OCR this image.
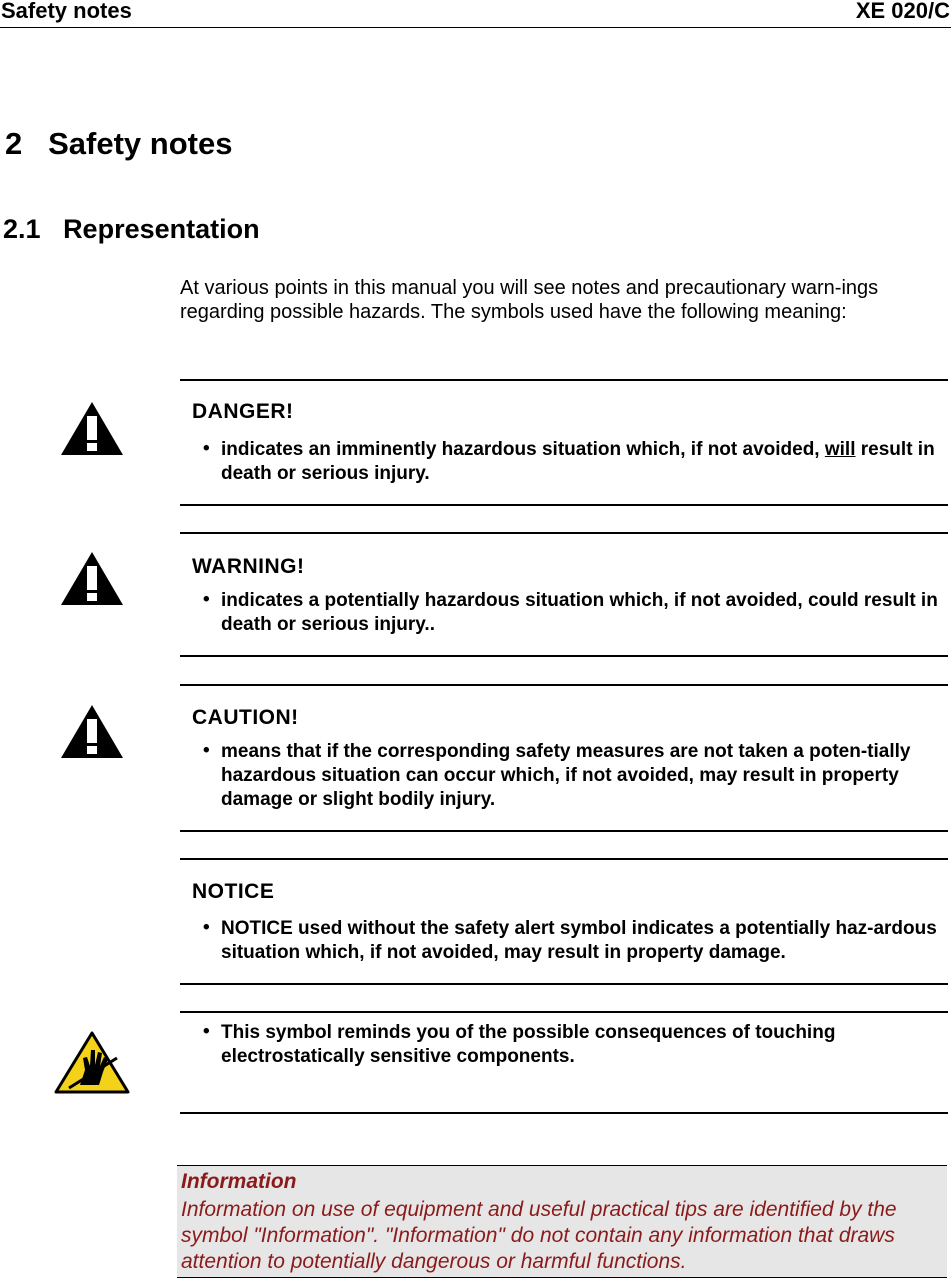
Safety notes	XE 020/C
2 Safety notes
2.1 Representation
At various points in this manual you will see notes and precautionary warn-ings regarding possible hazards. The symbols used have the following meaning:
DANGER!
• indicates an imminently hazardous situation which, if not avoided, will result in death or serious injury.
WARNING!
• indicates a potentially hazardous situation which, if not avoided, could result in death or serious injury..
CAUTION!
• means that if the corresponding safety measures are not taken a poten-tially hazardous situation can occur which, if not avoided, may result in property damage or slight bodily injury.
NOTICE
• NOTICE used without the safety alert symbol indicates a potentially haz-ardous situation which, if not avoided, may result in property damage.
• This symbol reminds you of the possible consequences of touching electrostatically sensitive components.
Information
Information on use of equipment and useful practical tips are identified by the symbol "Information". "Information" do not contain any information that draws attention to potentially dangerous or harmful functions.
